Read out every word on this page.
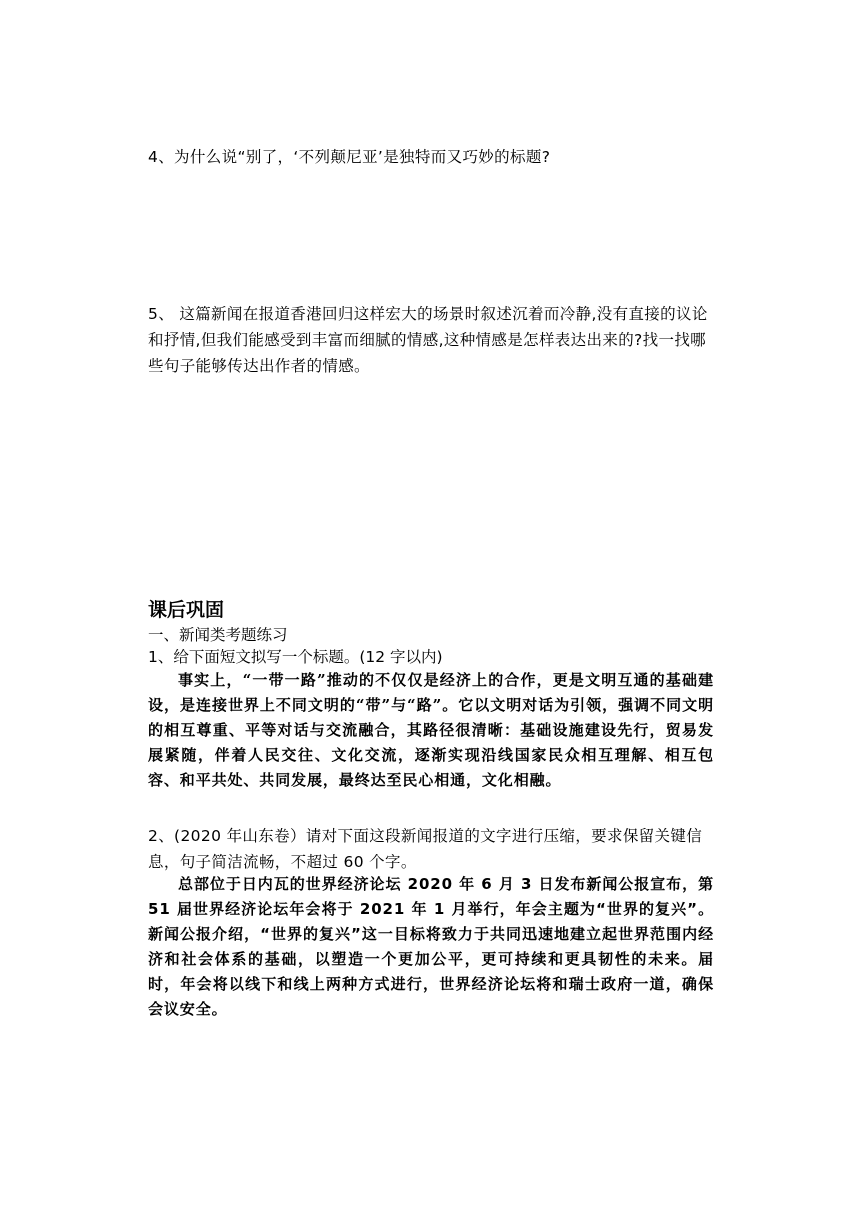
4、为什么说“别了，‘不列颠尼亚’是独特而又巧妙的标题?

5、 这篇新闻在报道香港回归这样宏大的场景时叙述沉着而冷静,没有直接的议论和抒情,但我们能感受到丰富而细腻的情感,这种情感是怎样表达出来的?找一找哪些句子能够传达出作者的情感。

课后巩固

一、新闻类考题练习

1、给下面短文拟写一个标题。(12 字以内)

事实上，“一带一路”推动的不仅仅是经济上的合作，更是文明互通的基础建设，是连接世界上不同文明的“带”与“路”。它以文明对话为引领，强调不同文明的相互尊重、平等对话与交流融合，其路径很清晰：基础设施建设先行，贸易发展紧随，伴着人民交往、文化交流，逐渐实现沿线国家民众相互理解、相互包容、和平共处、共同发展，最终达至民心相通，文化相融。

2、(2020 年山东卷）请对下面这段新闻报道的文字进行压缩，要求保留关键信息，句子简洁流畅，不超过 60 个字。

总部位于日内瓦的世界经济论坛 2020 年 6 月 3 日发布新闻公报宣布，第 51 届世界经济论坛年会将于 2021 年 1 月举行，年会主题为“世界的复兴”。新闻公报介绍，“世界的复兴”这一目标将致力于共同迅速地建立起世界范围内经济和社会体系的基础，以塑造一个更加公平，更可持续和更具韧性的未来。届时，年会将以线下和线上两种方式进行，世界经济论坛将和瑞士政府一道，确保会议安全。
